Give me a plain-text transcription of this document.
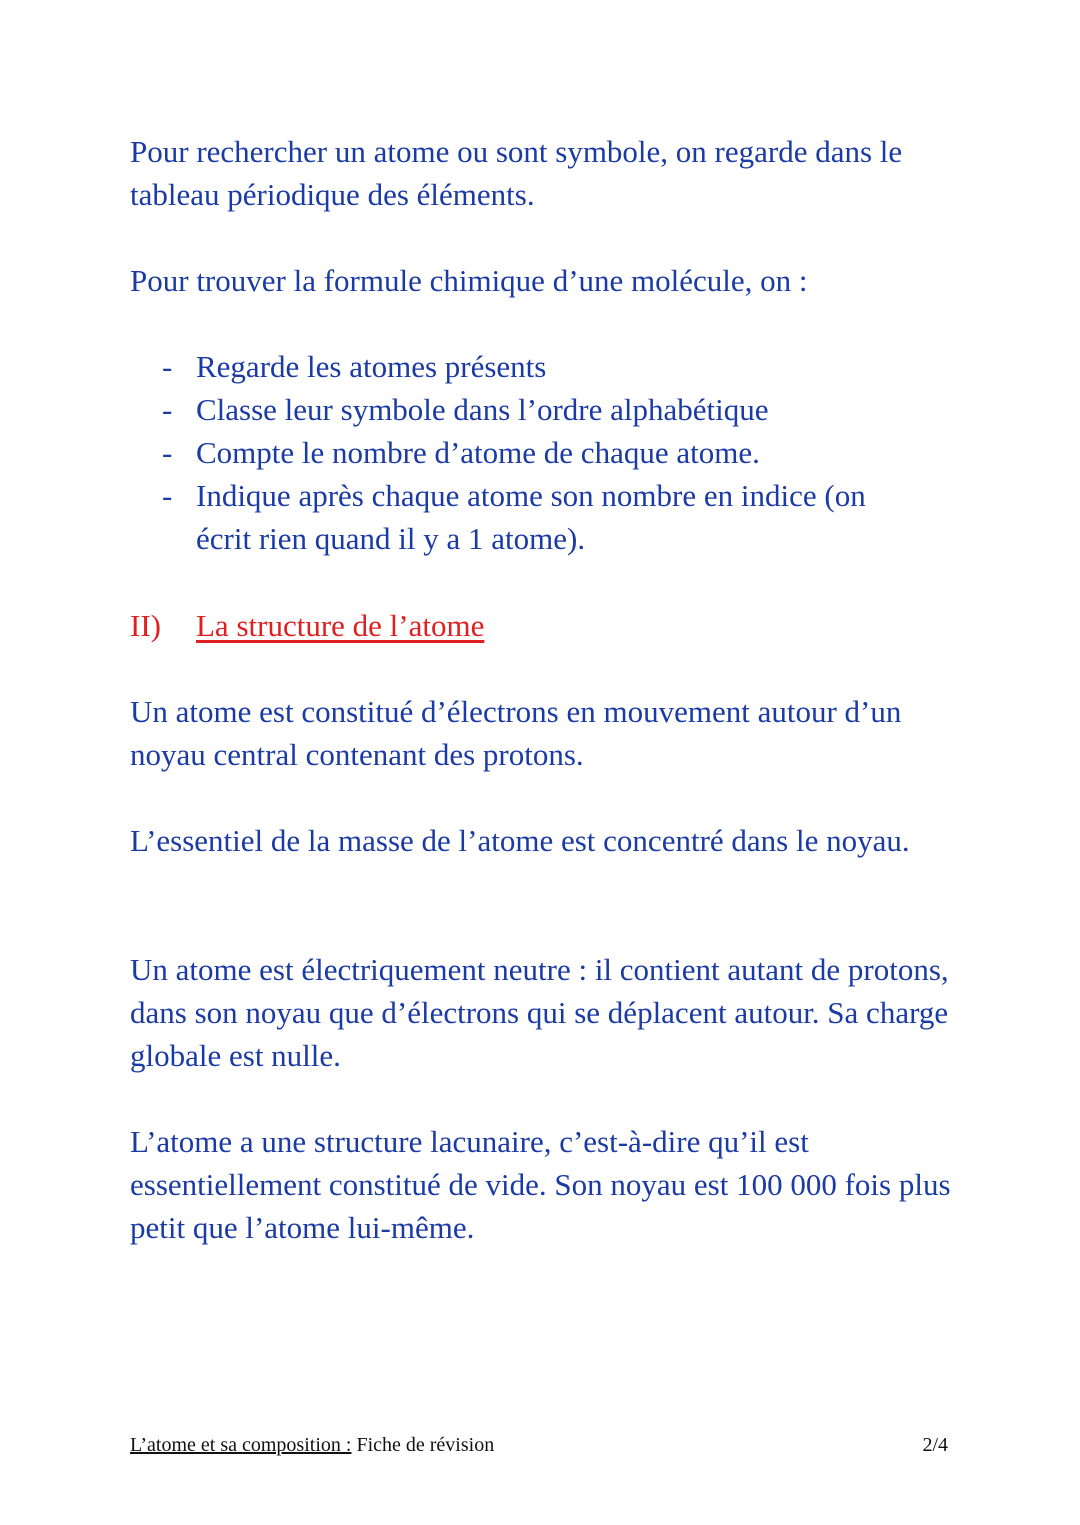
Pour rechercher un atome ou sont symbole, on regarde dans le tableau périodique des éléments.

Pour trouver la formule chimique d’une molécule, on :

- Regarde les atomes présents
- Classe leur symbole dans l’ordre alphabétique
- Compte le nombre d’atome de chaque atome.
- Indique après chaque atome son nombre en indice (on écrit rien quand il y a 1 atome).
II) La structure de l’atome

Un atome est constitué d’électrons en mouvement autour d’un noyau central contenant des protons.

L’essentiel de la masse de l’atome est concentré dans le noyau.

Un atome est électriquement neutre : il contient autant de protons, dans son noyau que d’électrons qui se déplacent autour. Sa charge globale est nulle.

L’atome a une structure lacunaire, c’est-à-dire qu’il est essentiellement constitué de vide. Son noyau est 100 000 fois plus petit que l’atome lui-même.

L’atome et sa composition : Fiche de révision	2/4
